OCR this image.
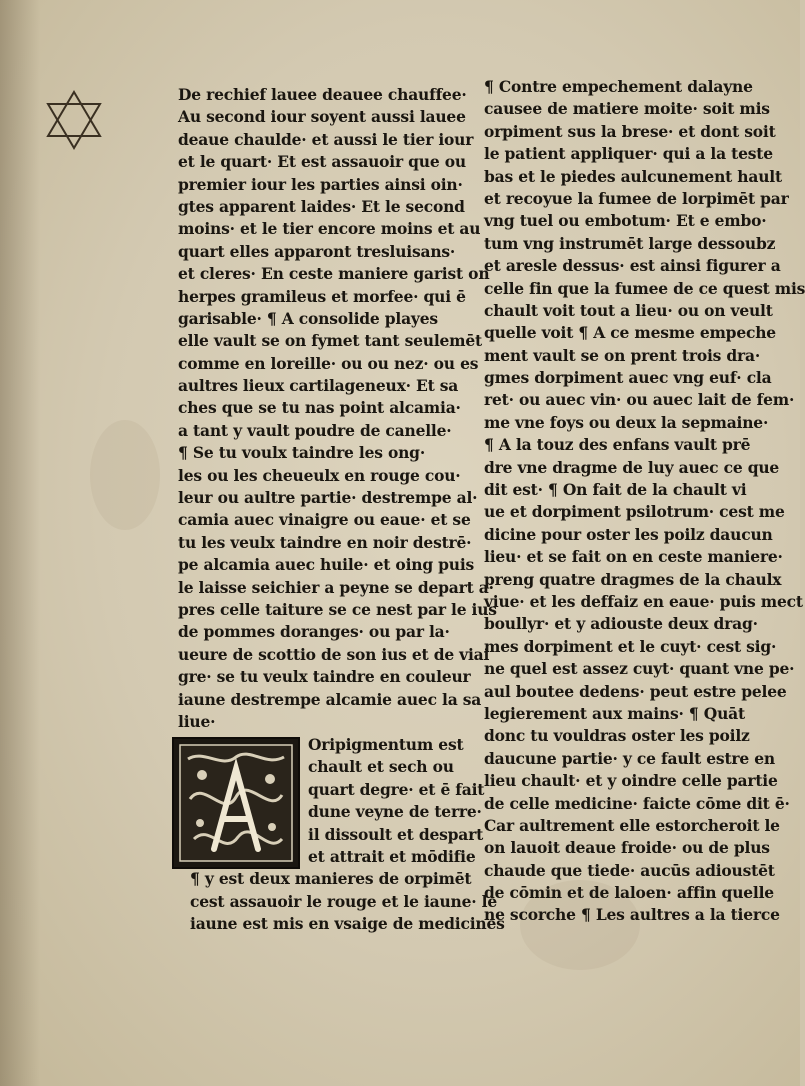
De rechief lauee deauee chauffee·
Au second iour soyent aussi lauee
deaue chaulde· et aussi le tier iour
et le quart· Et est assauoir que ou
premier iour les parties ainsi oin·
gtes apparent laides· Et le second
moins· et le tier encore moins et au
quart elles apparont tresluisans·
et cleres· En ceste maniere garist on
herpes gramileus et morfee· qui ē
garisable· ¶ A consolide playes
elle vault se on fymet tant seulemēt
comme en loreille· ou ou nez· ou es
aultres lieux cartilageneux· Et sa
ches que se tu nas point alcamia·
a tant y vault poudre de canelle·
¶ Se tu voulx taindre les ong·
les ou les cheueulx en rouge cou·
leur ou aultre partie· destrempe al·
camia auec vinaigre ou eaue· et se
tu les veulx taindre en noir destrē·
pe alcamia auec huile· et oing puis
le laisse seichier a peyne se depart a·
pres celle taiture se ce nest par le ius
de pommes doranges· ou par la·
ueure de scottio de son ius et de viai
gre· se tu veulx taindre en couleur
iaune destrempe alcamie auec la sa
liue·
Oripigmentum est
chault et sech ou
quart degre· et ē fait
dune veyne de terre·
il dissoult et despart
et attrait et mōdifie
¶ y est deux manieres de orpimēt
cest assauoir le rouge et le iaune· le
iaune est mis en vsaige de medicines
¶ Contre empechement dalayne
causee de matiere moite· soit mis
orpiment sus la brese· et dont soit
le patient appliquer· qui a la teste
bas et le piedes aulcunement hault
et recoyue la fumee de lorpimēt par
vng tuel ou embotum· Et e embo·
tum vng instrumēt large dessoubz
et aresle dessus· est ainsi figurer a
celle fin que la fumee de ce quest mis
chault voit tout a lieu· ou on veult
quelle voit ¶ A ce mesme empeche
ment vault se on prent trois dra·
gmes dorpiment auec vng euf· cla
ret· ou auec vin· ou auec lait de fem·
me vne foys ou deux la sepmaine·
¶ A la touz des enfans vault prē
dre vne dragme de luy auec ce que
dit est· ¶ On fait de la chault vi
ue et dorpiment psilotrum· cest me
dicine pour oster les poilz daucun
lieu· et se fait on en ceste maniere·
preng quatre dragmes de la chaulx
viue· et les deffaiz en eaue· puis mect
boullyr· et y adiouste deux drag·
mes dorpiment et le cuyt· cest sig·
ne quel est assez cuyt· quant vne pe·
aul boutee dedens· peut estre pelee
legierement aux mains· ¶ Quāt
donc tu vouldras oster les poilz
daucune partie· y ce fault estre en
lieu chault· et y oindre celle partie
de celle medicine· faicte cōme dit ē·
Car aultrement elle estorcheroit le
on lauoit deaue froide· ou de plus
chaude que tiede· aucūs adioustēt
de cōmin et de laloen· affin quelle
ne scorche ¶ Les aultres a la tierce
